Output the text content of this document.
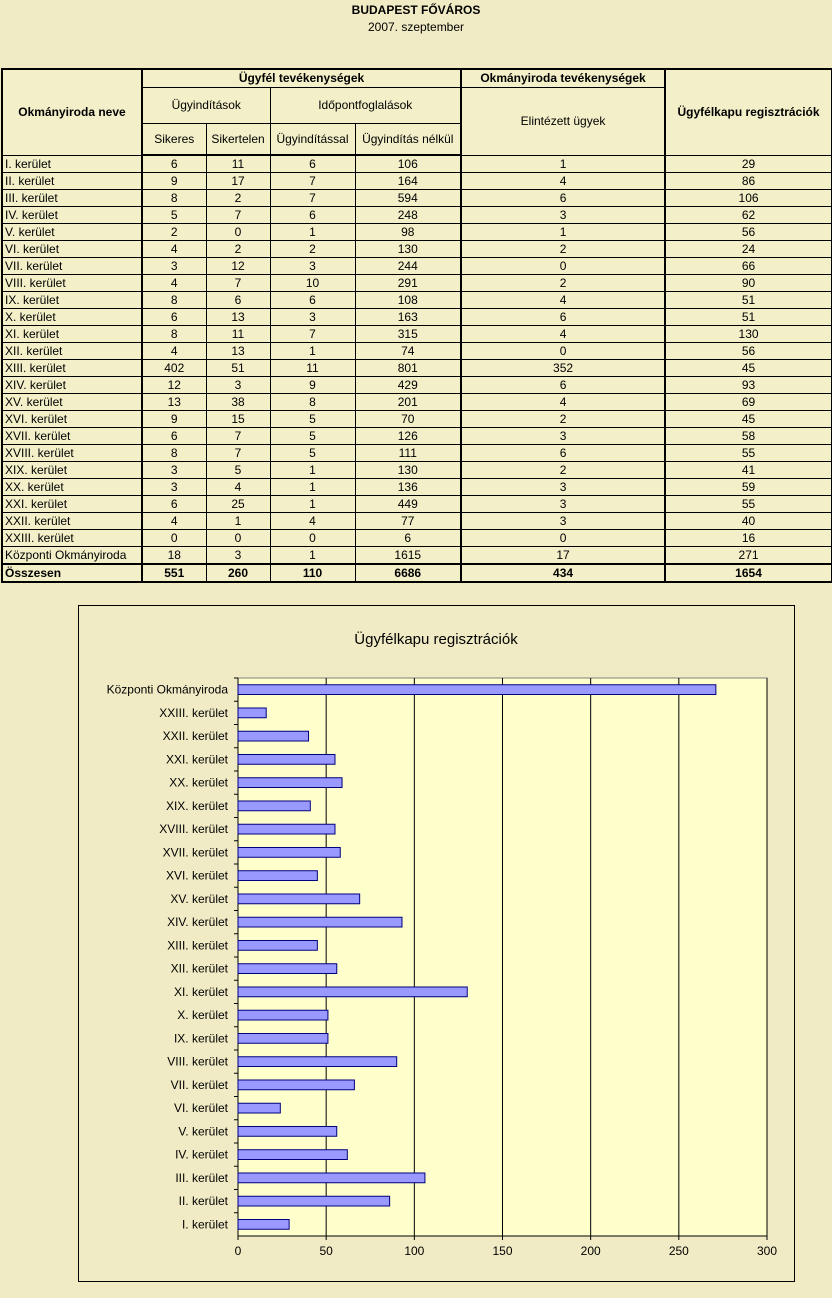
BUDAPEST FŐVÁROS
2007. szeptember
Okmányiroda neve	Ügyfél tevékenységek				Okmányiroda tevékenységek	Ügyfélkapu regisztrációk
	Ügyindítások		Időpontfoglalások		Elintézett ügyek	
	Sikeres	Sikertelen	Ügyindítással	Ügyindítás nélkül		
I. kerület	6	11	6	106	1	29
II. kerület	9	17	7	164	4	86
III. kerület	8	2	7	594	6	106
IV. kerület	5	7	6	248	3	62
V. kerület	2	0	1	98	1	56
VI. kerület	4	2	2	130	2	24
VII. kerület	3	12	3	244	0	66
VIII. kerület	4	7	10	291	2	90
IX. kerület	8	6	6	108	4	51
X. kerület	6	13	3	163	6	51
XI. kerület	8	11	7	315	4	130
XII. kerület	4	13	1	74	0	56
XIII. kerület	402	51	11	801	352	45
XIV. kerület	12	3	9	429	6	93
XV. kerület	13	38	8	201	4	69
XVI. kerület	9	15	5	70	2	45
XVII. kerület	6	7	5	126	3	58
XVIII. kerület	8	7	5	111	6	55
XIX. kerület	3	5	1	130	2	41
XX. kerület	3	4	1	136	3	59
XXI. kerület	6	25	1	449	3	55
XXII. kerület	4	1	4	77	3	40
XXIII. kerület	0	0	0	6	0	16
Központi Okmányiroda	18	3	1	1615	17	271
Összesen	551	260	110	6686	434	1654
Ügyfélkapu regisztrációk
0	50	100	150	200	250	300
Központi Okmányiroda
XXIII. kerület
XXII. kerület
XXI. kerület
XX. kerület
XIX. kerület
XVIII. kerület
XVII. kerület
XVI. kerület
XV. kerület
XIV. kerület
XIII. kerület
XII. kerület
XI. kerület
X. kerület
IX. kerület
VIII. kerület
VII. kerület
VI. kerület
V. kerület
IV. kerület
III. kerület
II. kerület
I. kerület
